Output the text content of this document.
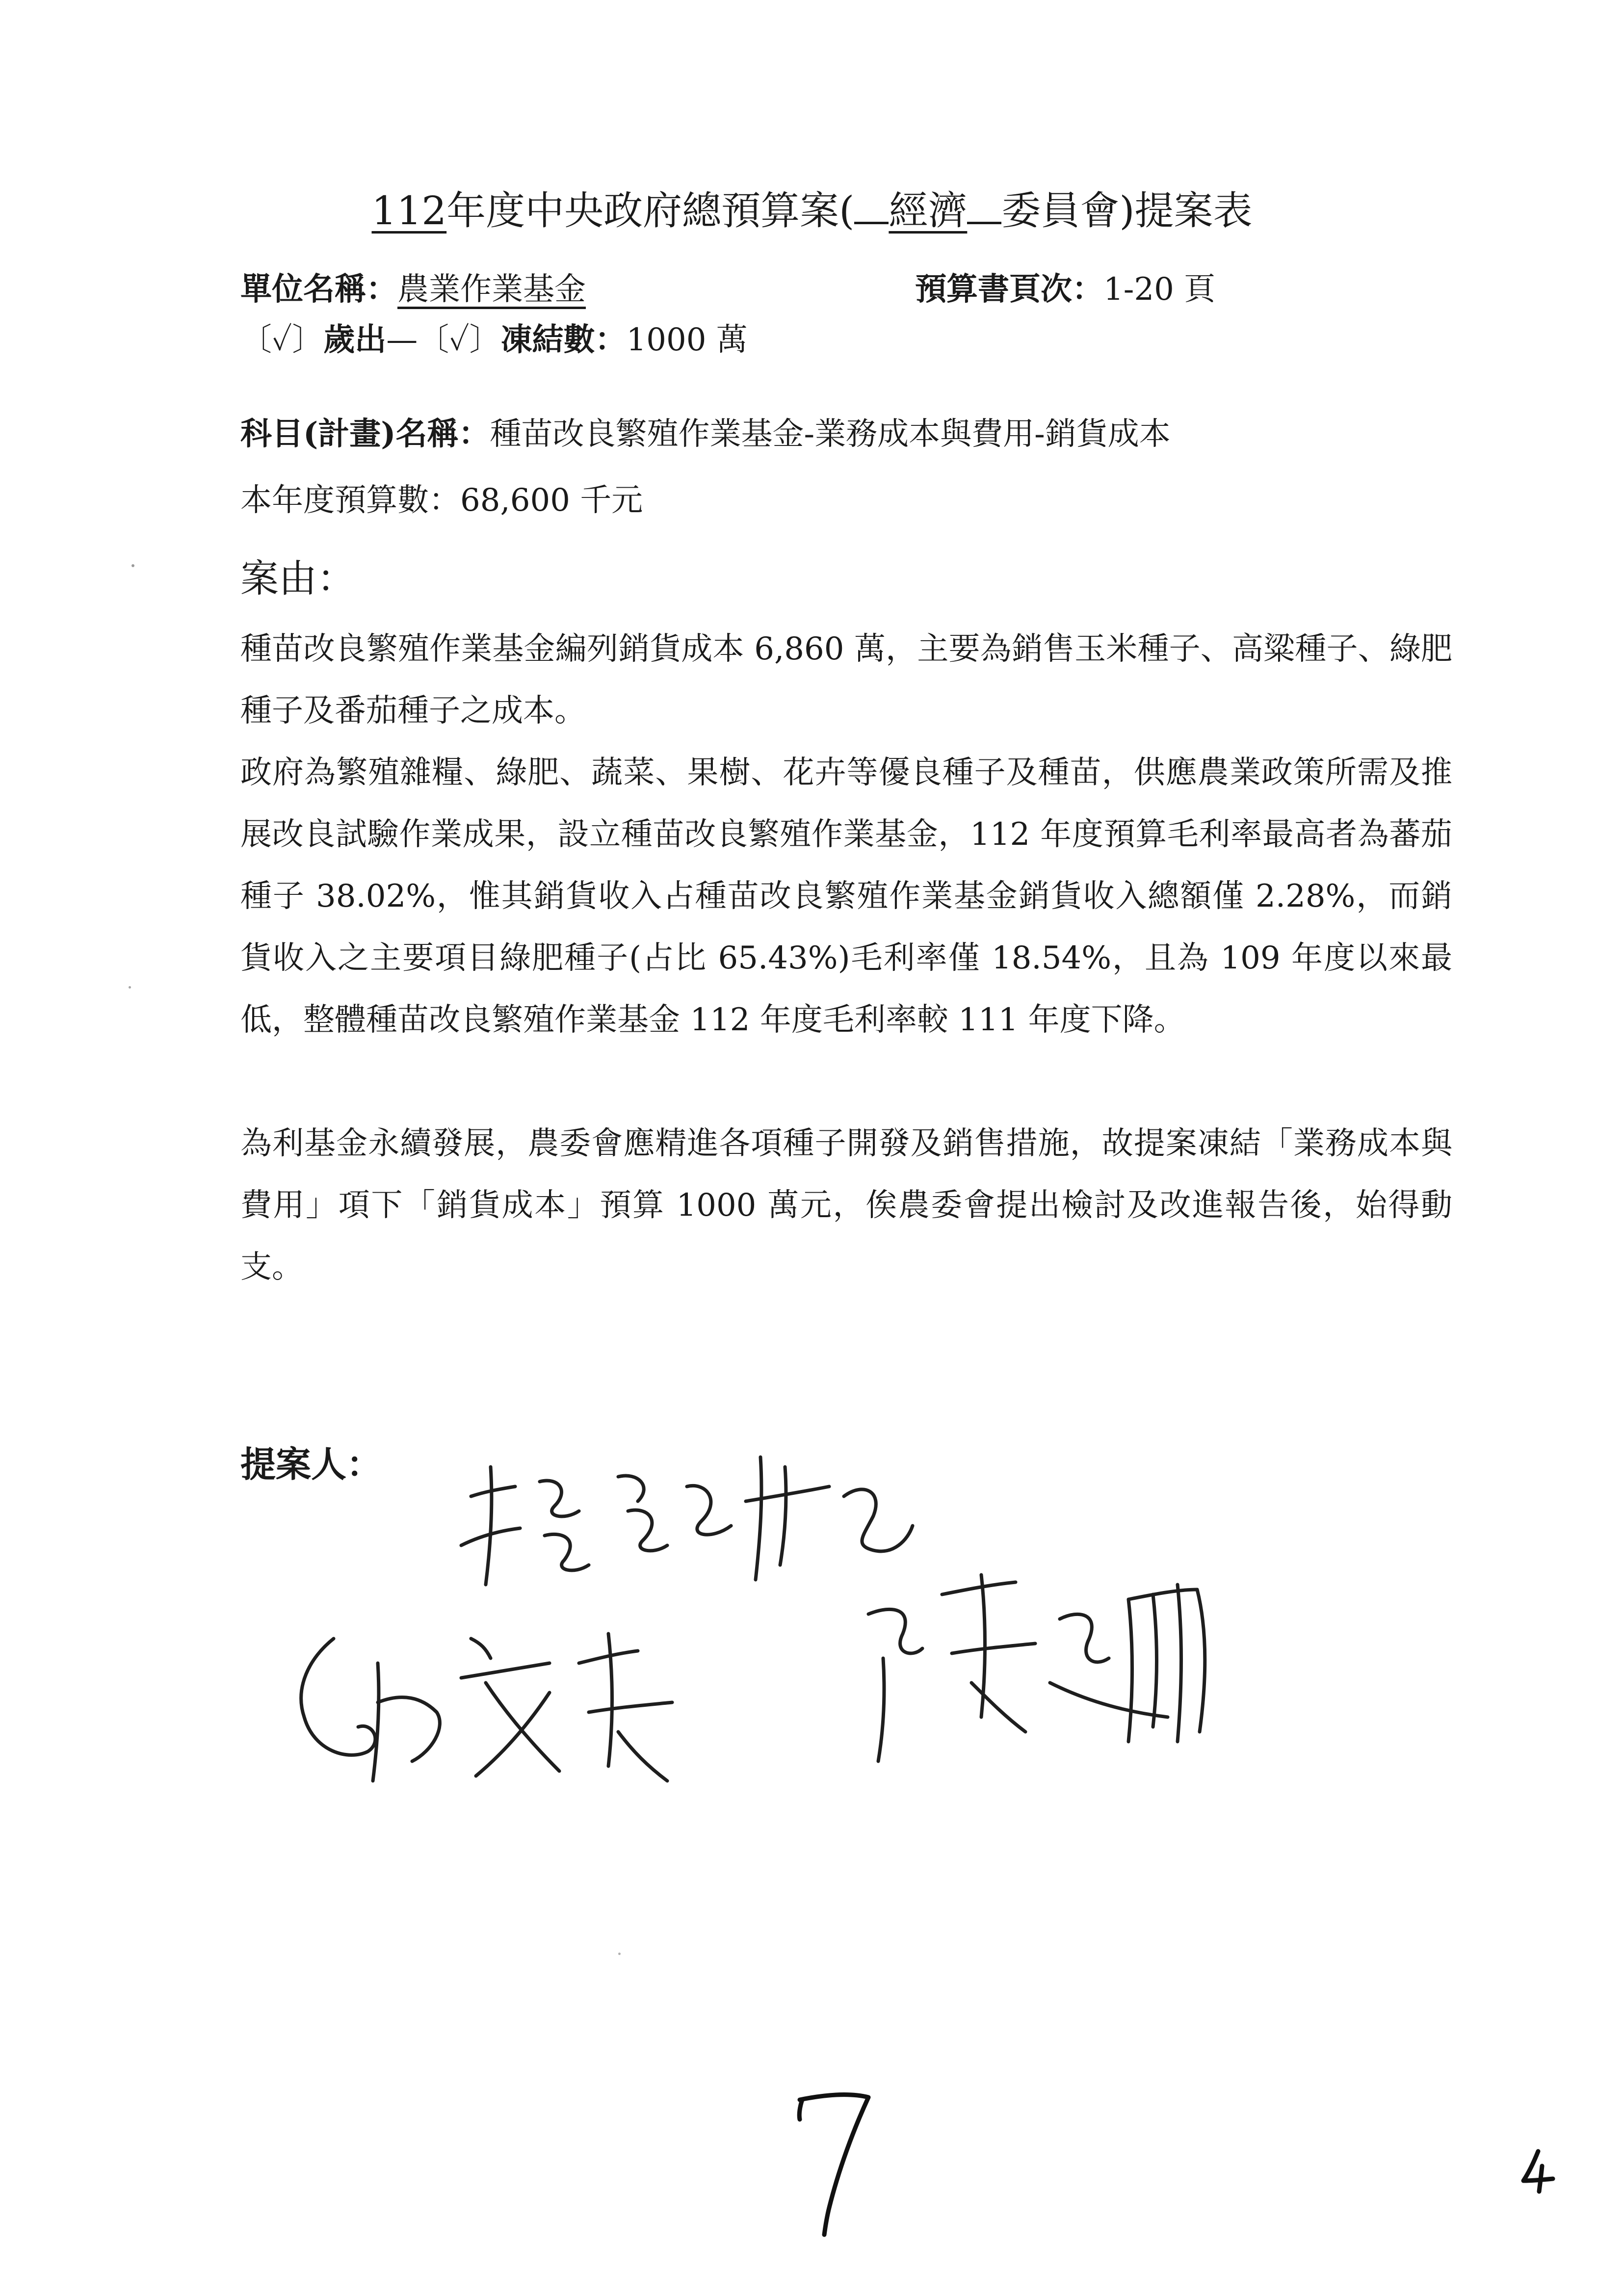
112年度中央政府總預算案( 經濟 委員會)提案表
單位名稱：農業作業基金	預算書頁次：1-20 頁
〔✓〕歲出—〔✓〕凍結數：1000 萬
科目(計畫)名稱：種苗改良繁殖作業基金-業務成本與費用-銷貨成本
本年度預算數：68,600 千元
案由：
種苗改良繁殖作業基金編列銷貨成本 6,860 萬，主要為銷售玉米種子、高粱種子、綠肥種子及番茄種子之成本。
政府為繁殖雜糧、綠肥、蔬菜、果樹、花卉等優良種子及種苗，供應農業政策所需及推展改良試驗作業成果，設立種苗改良繁殖作業基金，112 年度預算毛利率最高者為蕃茄種子 38.02%，惟其銷貨收入占種苗改良繁殖作業基金銷貨收入總額僅 2.28%，而銷貨收入之主要項目綠肥種子(占比 65.43%)毛利率僅 18.54%，且為 109 年度以來最低，整體種苗改良繁殖作業基金 112 年度毛利率較 111 年度下降。
為利基金永續發展，農委會應精進各項種子開發及銷售措施，故提案凍結「業務成本與費用」項下「銷貨成本」預算 1000 萬元，俟農委會提出檢討及改進報告後，始得動支。
提案人：
